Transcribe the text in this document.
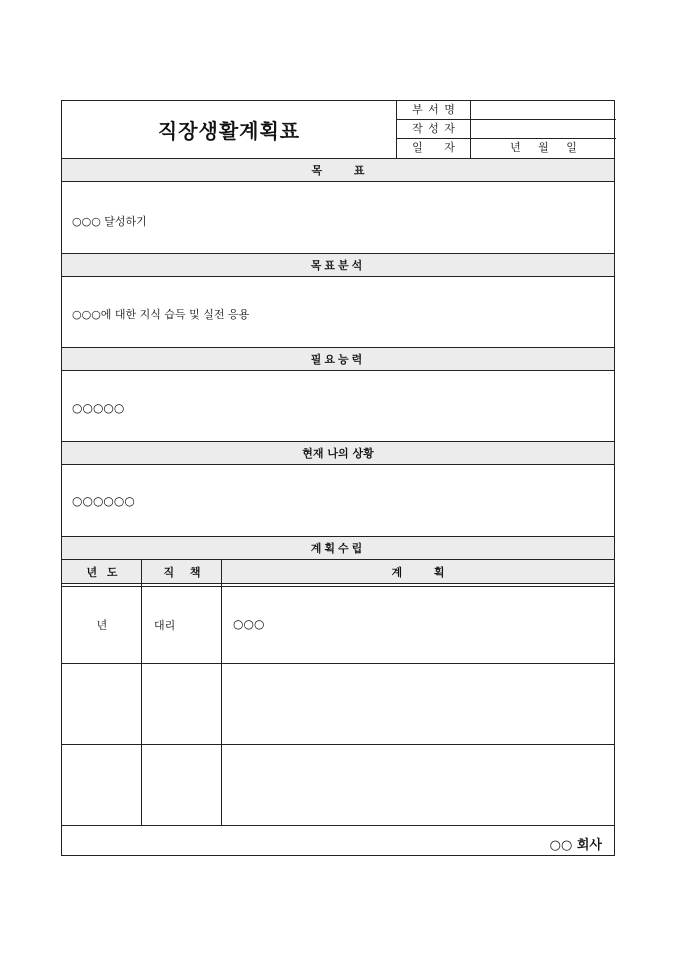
직장생활계획표
부 서 명
작 성 자
일 자	년 월 일
목 표
○○○ 달성하기
목표분석
○○○에 대한 지식 습득 및 실전 응용
필요능력
○○○○○
현재 나의 상황
○○○○○○
계획수립
년 도	직 책	계 획
년	대리	○○○
○○ 회사
